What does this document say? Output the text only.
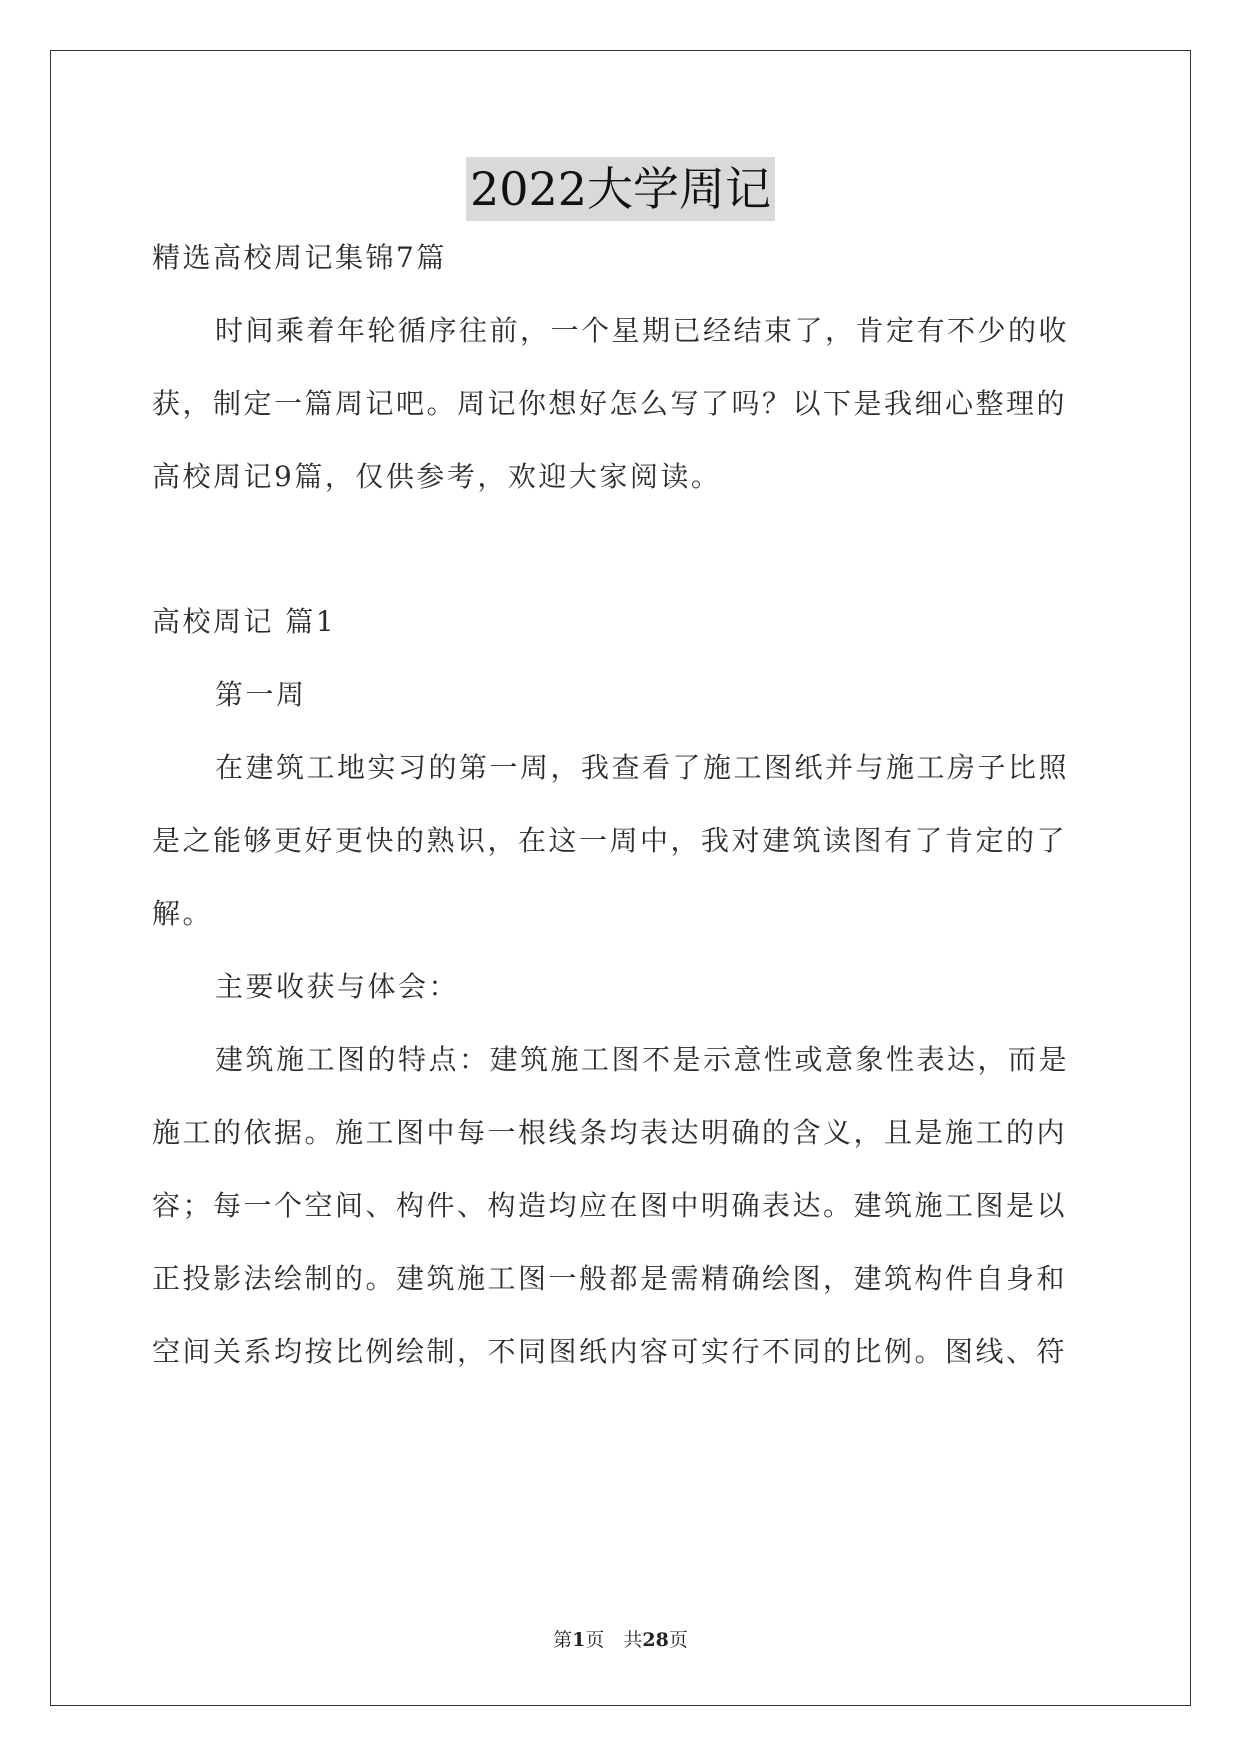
2022大学周记
精选高校周记集锦7篇
时间乘着年轮循序往前，一个星期已经结束了，肯定有不少的收
获，制定一篇周记吧。周记你想好怎么写了吗？以下是我细心整理的
高校周记9篇，仅供参考，欢迎大家阅读。
高校周记 篇1
第一周
在建筑工地实习的第一周，我查看了施工图纸并与施工房子比照
是之能够更好更快的熟识，在这一周中，我对建筑读图有了肯定的了
解。
主要收获与体会：
建筑施工图的特点：建筑施工图不是示意性或意象性表达，而是
施工的依据。施工图中每一根线条均表达明确的含义，且是施工的内
容；每一个空间、构件、构造均应在图中明确表达。建筑施工图是以
正投影法绘制的。建筑施工图一般都是需精确绘图，建筑构件自身和
空间关系均按比例绘制，不同图纸内容可实行不同的比例。图线、符
第1页　共28页
